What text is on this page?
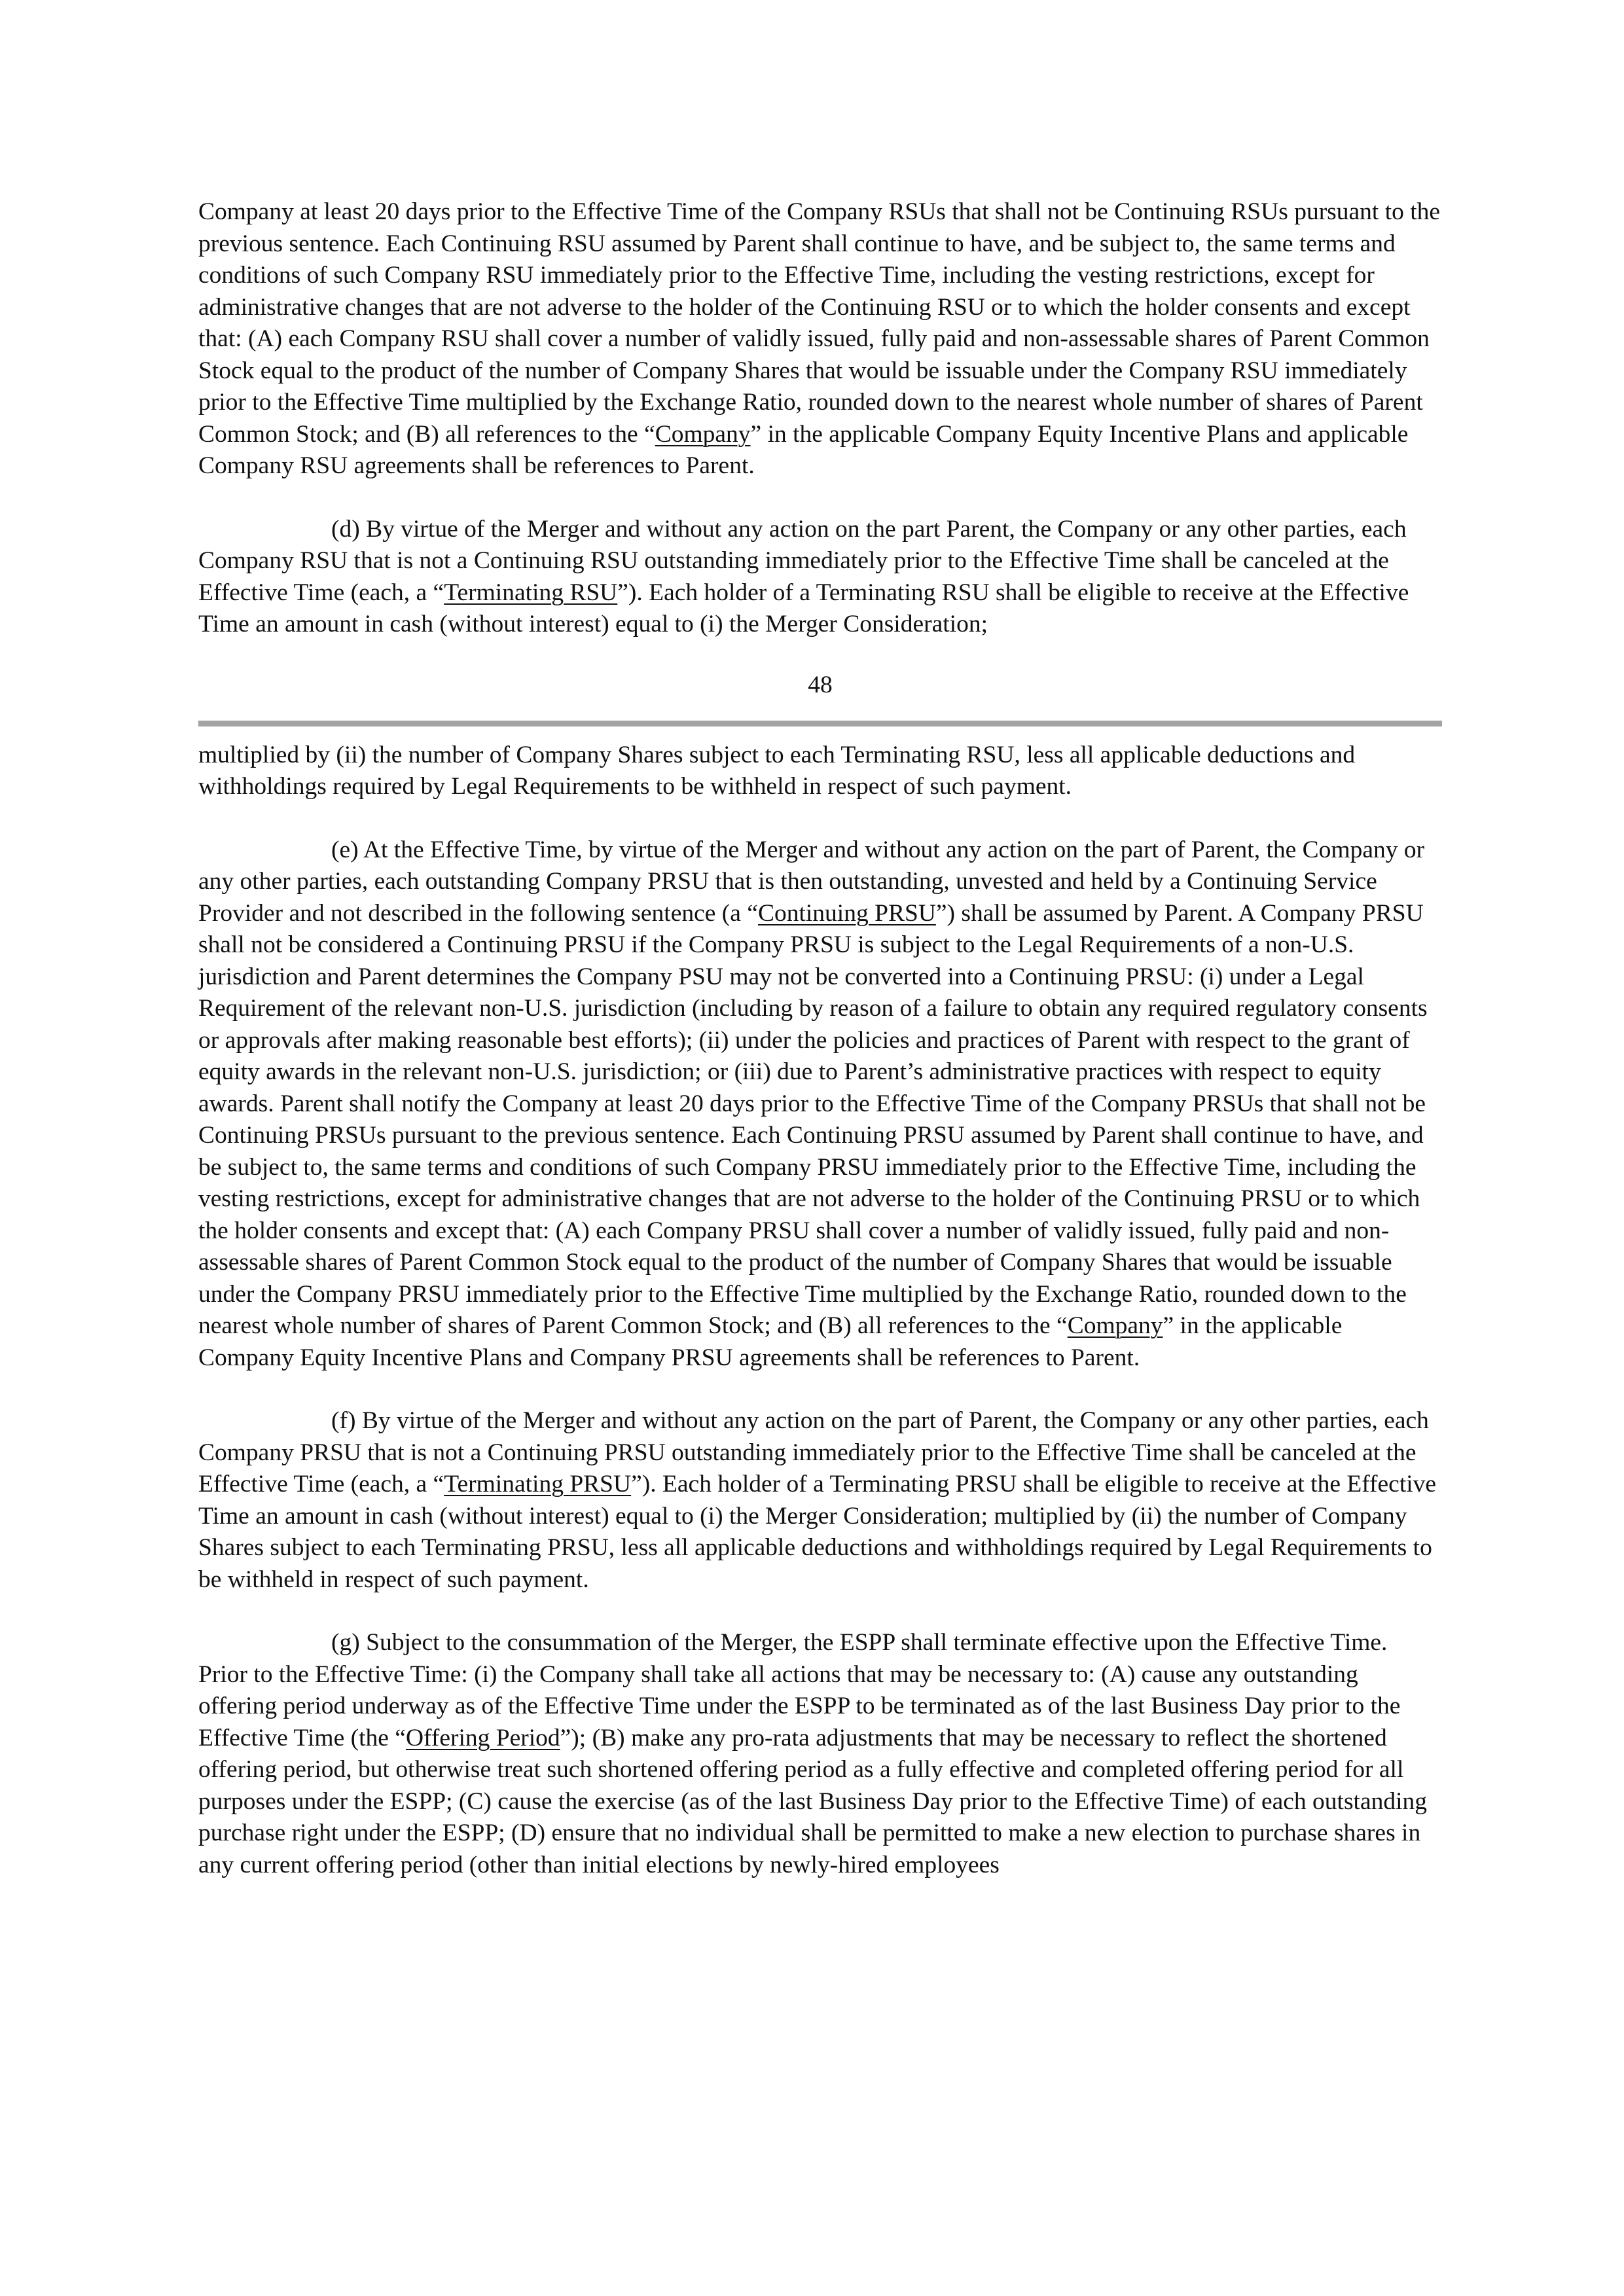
Company at least 20 days prior to the Effective Time of the Company RSUs that shall not be Continuing RSUs pursuant to the previous sentence. Each Continuing RSU assumed by Parent shall continue to have, and be subject to, the same terms and conditions of such Company RSU immediately prior to the Effective Time, including the vesting restrictions, except for administrative changes that are not adverse to the holder of the Continuing RSU or to which the holder consents and except that: (A) each Company RSU shall cover a number of validly issued, fully paid and non-assessable shares of Parent Common Stock equal to the product of the number of Company Shares that would be issuable under the Company RSU immediately prior to the Effective Time multiplied by the Exchange Ratio, rounded down to the nearest whole number of shares of Parent Common Stock; and (B) all references to the “Company” in the applicable Company Equity Incentive Plans and applicable Company RSU agreements shall be references to Parent.

(d) By virtue of the Merger and without any action on the part Parent, the Company or any other parties, each Company RSU that is not a Continuing RSU outstanding immediately prior to the Effective Time shall be canceled at the Effective Time (each, a “Terminating RSU”). Each holder of a Terminating RSU shall be eligible to receive at the Effective Time an amount in cash (without interest) equal to (i) the Merger Consideration;

48

multiplied by (ii) the number of Company Shares subject to each Terminating RSU, less all applicable deductions and withholdings required by Legal Requirements to be withheld in respect of such payment.

(e) At the Effective Time, by virtue of the Merger and without any action on the part of Parent, the Company or any other parties, each outstanding Company PRSU that is then outstanding, unvested and held by a Continuing Service Provider and not described in the following sentence (a “Continuing PRSU”) shall be assumed by Parent. A Company PRSU shall not be considered a Continuing PRSU if the Company PRSU is subject to the Legal Requirements of a non-U.S. jurisdiction and Parent determines the Company PSU may not be converted into a Continuing PRSU: (i) under a Legal Requirement of the relevant non-U.S. jurisdiction (including by reason of a failure to obtain any required regulatory consents or approvals after making reasonable best efforts); (ii) under the policies and practices of Parent with respect to the grant of equity awards in the relevant non-U.S. jurisdiction; or (iii) due to Parent’s administrative practices with respect to equity awards. Parent shall notify the Company at least 20 days prior to the Effective Time of the Company PRSUs that shall not be Continuing PRSUs pursuant to the previous sentence. Each Continuing PRSU assumed by Parent shall continue to have, and be subject to, the same terms and conditions of such Company PRSU immediately prior to the Effective Time, including the vesting restrictions, except for administrative changes that are not adverse to the holder of the Continuing PRSU or to which the holder consents and except that: (A) each Company PRSU shall cover a number of validly issued, fully paid and non-assessable shares of Parent Common Stock equal to the product of the number of Company Shares that would be issuable under the Company PRSU immediately prior to the Effective Time multiplied by the Exchange Ratio, rounded down to the nearest whole number of shares of Parent Common Stock; and (B) all references to the “Company” in the applicable Company Equity Incentive Plans and Company PRSU agreements shall be references to Parent.

(f) By virtue of the Merger and without any action on the part of Parent, the Company or any other parties, each Company PRSU that is not a Continuing PRSU outstanding immediately prior to the Effective Time shall be canceled at the Effective Time (each, a “Terminating PRSU”). Each holder of a Terminating PRSU shall be eligible to receive at the Effective Time an amount in cash (without interest) equal to (i) the Merger Consideration; multiplied by (ii) the number of Company Shares subject to each Terminating PRSU, less all applicable deductions and withholdings required by Legal Requirements to be withheld in respect of such payment.

(g) Subject to the consummation of the Merger, the ESPP shall terminate effective upon the Effective Time. Prior to the Effective Time: (i) the Company shall take all actions that may be necessary to: (A) cause any outstanding offering period underway as of the Effective Time under the ESPP to be terminated as of the last Business Day prior to the Effective Time (the “Offering Period”); (B) make any pro-rata adjustments that may be necessary to reflect the shortened offering period, but otherwise treat such shortened offering period as a fully effective and completed offering period for all purposes under the ESPP; (C) cause the exercise (as of the last Business Day prior to the Effective Time) of each outstanding purchase right under the ESPP; (D) ensure that no individual shall be permitted to make a new election to purchase shares in any current offering period (other than initial elections by newly-hired employees
